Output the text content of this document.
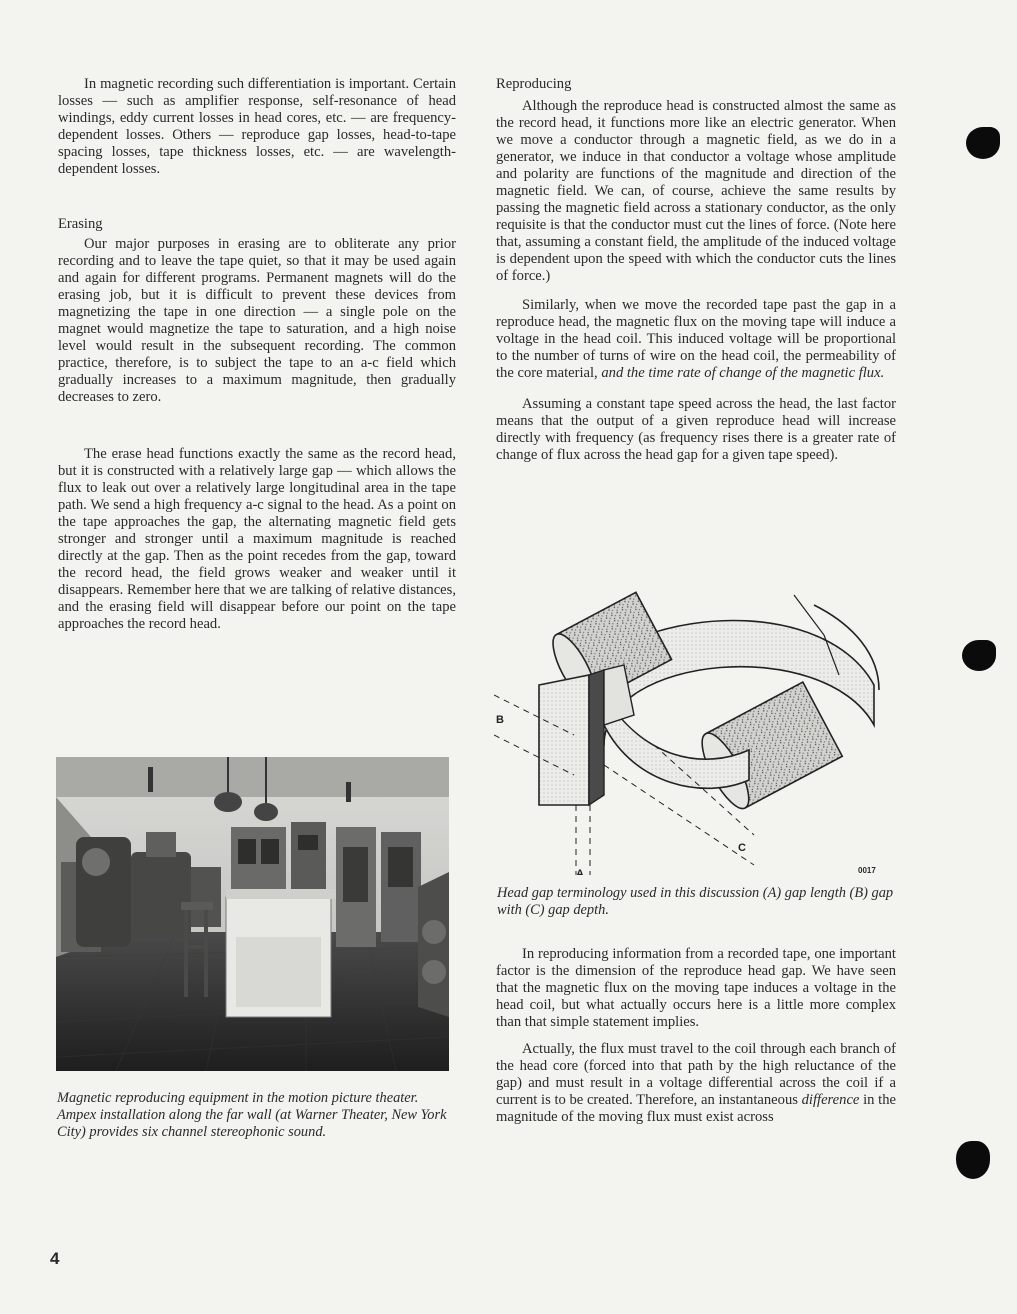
In magnetic recording such differentiation is important. Certain losses — such as amplifier response, self-resonance of head windings, eddy current losses in head cores, etc. — are frequency-dependent losses. Others — reproduce gap losses, head-to-tape spacing losses, tape thickness losses, etc. — are wavelength-dependent losses.

Erasing

Our major purposes in erasing are to obliterate any prior recording and to leave the tape quiet, so that it may be used again and again for different programs. Permanent magnets will do the erasing job, but it is difficult to prevent these devices from magnetizing the tape in one direction — a single pole on the magnet would magnetize the tape to saturation, and a high noise level would result in the subsequent recording. The common practice, therefore, is to subject the tape to an a-c field which gradually increases to a maximum magnitude, then gradually decreases to zero.

The erase head functions exactly the same as the record head, but it is constructed with a relatively large gap — which allows the flux to leak out over a relatively large longitudinal area in the tape path. We send a high frequency a-c signal to the head. As a point on the tape approaches the gap, the alternating magnetic field gets stronger and stronger until a maximum magnitude is reached directly at the gap. Then as the point recedes from the gap, toward the record head, the field grows weaker and weaker until it disappears. Remember here that we are talking of relative distances, and the erasing field will disappear before our point on the tape approaches the record head.

Magnetic reproducing equipment in the motion picture theater. Ampex installation along the far wall (at Warner Theater, New York City) provides six channel stereophonic sound.
Reproducing

Although the reproduce head is constructed almost the same as the record head, it functions more like an electric generator. When we move a conductor through a magnetic field, as we do in a generator, we induce in that conductor a voltage whose amplitude and polarity are functions of the magnitude and direction of the magnetic field. We can, of course, achieve the same results by passing the magnetic field across a stationary conductor, as the only requisite is that the conductor must cut the lines of force. (Note here that, assuming a constant field, the amplitude of the induced voltage is dependent upon the speed with which the conductor cuts the lines of force.)

Similarly, when we move the recorded tape past the gap in a reproduce head, the magnetic flux on the moving tape will induce a voltage in the head coil. This induced voltage will be proportional to the number of turns of wire on the head coil, the permeability of the core material, and the time rate of change of the magnetic flux.

Assuming a constant tape speed across the head, the last factor means that the output of a given reproduce head will increase directly with frequency (as frequency rises there is a greater rate of change of flux across the head gap for a given tape speed).

B
A
C
0017
Head gap terminology used in this discussion (A) gap length (B) gap with (C) gap depth.

In reproducing information from a recorded tape, one important factor is the dimension of the reproduce head gap. We have seen that the magnetic flux on the moving tape induces a voltage in the head coil, but what actually occurs here is a little more complex than that simple statement implies.

Actually, the flux must travel to the coil through each branch of the head core (forced into that path by the high reluctance of the gap) and must result in a voltage differential across the coil if a current is to be created. Therefore, an instantaneous difference in the magnitude of the moving flux must exist across

4
